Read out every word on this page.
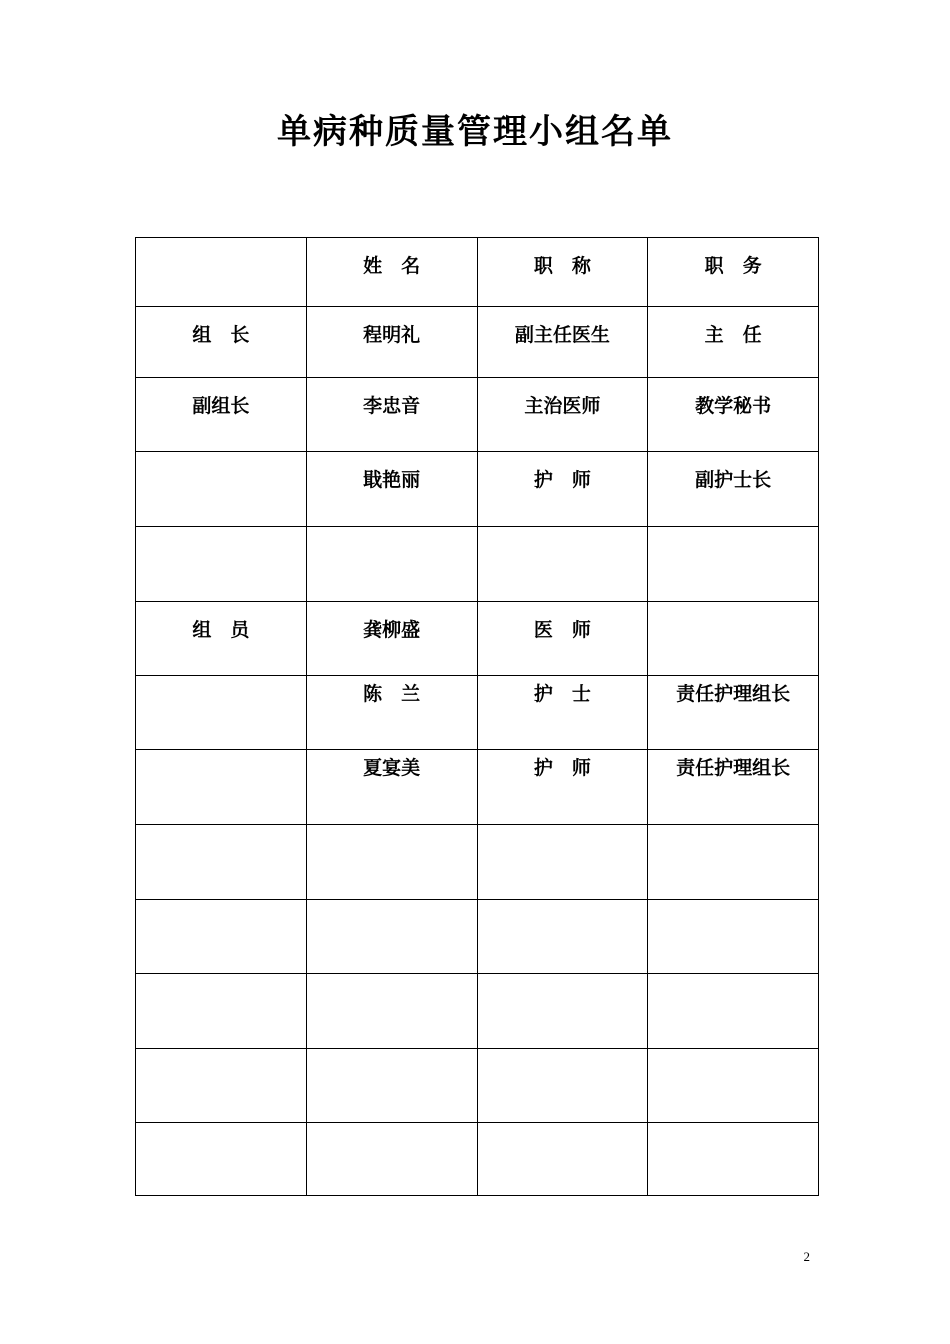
单病种质量管理小组名单
	姓　名	职　称	职　务
组　长	程明礼	副主任医生	主　任
副组长	李忠音	主治医师	教学秘书
	戢艳丽	护　师	副护士长

组　员	龚柳盛	医　师	
	陈　兰	护　士	责任护理组长
	夏宴美	护　师	责任护理组长

2
